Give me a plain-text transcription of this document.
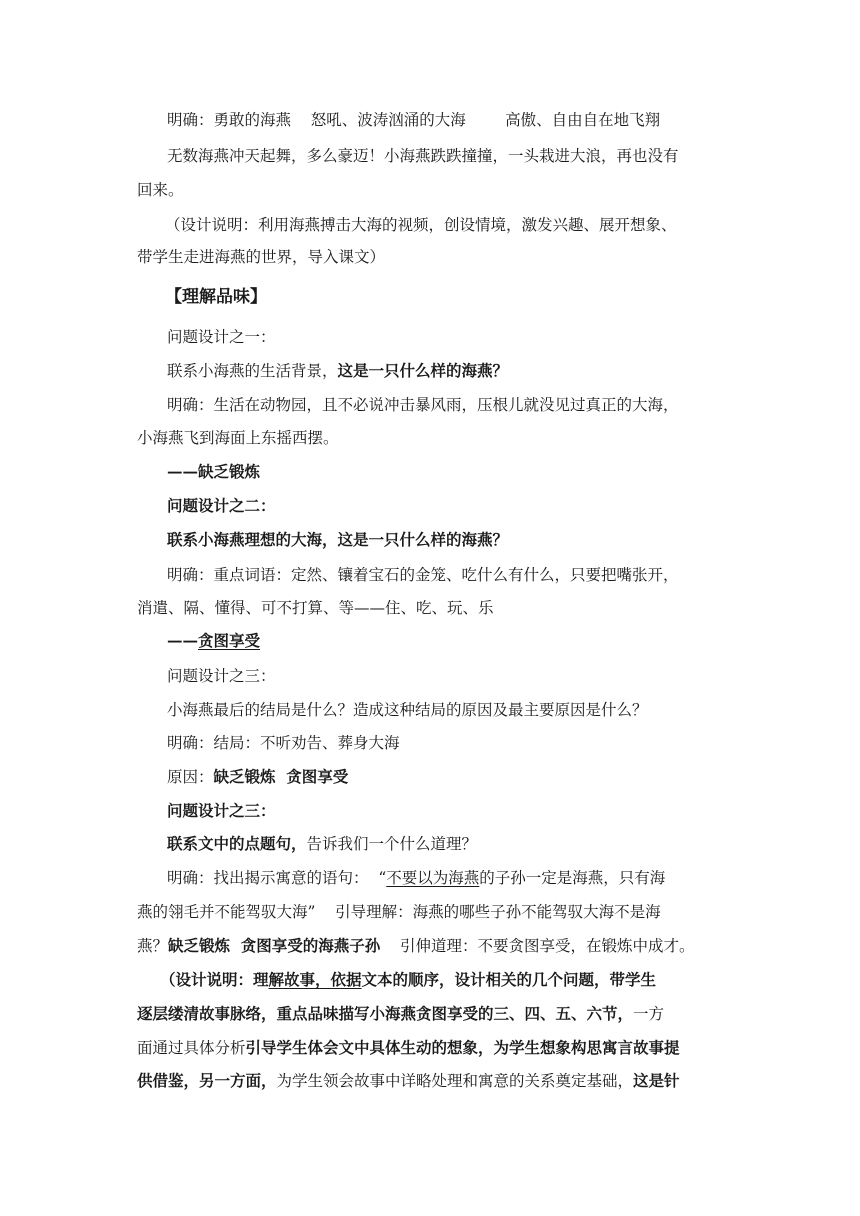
明确：勇敢的海燕    怒吼、波涛汹涌的大海        高傲、自由自在地飞翔
无数海燕冲天起舞，多么豪迈！小海燕跌跌撞撞，一头栽进大浪，再也没有
回来。
（设计说明：利用海燕搏击大海的视频，创设情境，激发兴趣、展开想象、
带学生走进海燕的世界，导入课文）
【理解品味】
问题设计之一：
联系小海燕的生活背景，这是一只什么样的海燕？
明确：生活在动物园，且不必说冲击暴风雨，压根儿就没见过真正的大海，
小海燕飞到海面上东摇西摆。
——缺乏锻炼
问题设计之二：
联系小海燕理想的大海，这是一只什么样的海燕？
明确：重点词语：定然、镶着宝石的金笼、吃什么有什么，只要把嘴张开，
消遣、隔、懂得、可不打算、等——住、吃、玩、乐
——贪图享受
问题设计之三：
小海燕最后的结局是什么？造成这种结局的原因及最主要原因是什么？
明确：结局：不听劝告、葬身大海
原因：缺乏锻炼  贪图享受
问题设计之三：
联系文中的点题句，告诉我们一个什么道理？
明确：找出揭示寓意的语句：  “不要以为海燕的子孙一定是海燕，只有海
燕的翎毛并不能驾驭大海”    引导理解：海燕的哪些子孙不能驾驭大海不是海
燕？缺乏锻炼  贪图享受的海燕子孙    引伸道理：不要贪图享受，在锻炼中成才。
（设计说明：理解故事，依据文本的顺序，设计相关的几个问题，带学生
逐层缕清故事脉络，重点品味描写小海燕贪图享受的三、四、五、六节，一方
面通过具体分析引导学生体会文中具体生动的想象，为学生想象构思寓言故事提
供借鉴，另一方面，为学生领会故事中详略处理和寓意的关系奠定基础，这是针
